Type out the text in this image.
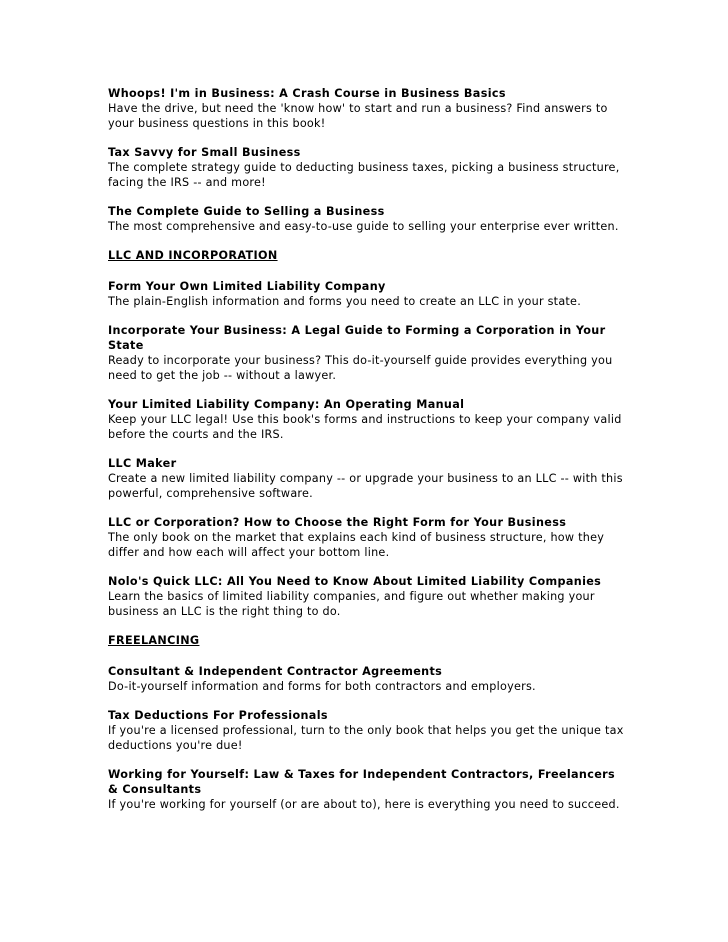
Whoops! I'm in Business: A Crash Course in Business Basics
Have the drive, but need the 'know how' to start and run a business? Find answers to your business questions in this book!
Tax Savvy for Small Business
The complete strategy guide to deducting business taxes, picking a business structure, facing the IRS -- and more!
The Complete Guide to Selling a Business
The most comprehensive and easy-to-use guide to selling your enterprise ever written.
LLC AND INCORPORATION
Form Your Own Limited Liability Company
The plain-English information and forms you need to create an LLC in your state.
Incorporate Your Business: A Legal Guide to Forming a Corporation in Your State
Ready to incorporate your business? This do-it-yourself guide provides everything you need to get the job -- without a lawyer.
Your Limited Liability Company: An Operating Manual
Keep your LLC legal! Use this book's forms and instructions to keep your company valid before the courts and the IRS.
LLC Maker
Create a new limited liability company -- or upgrade your business to an LLC -- with this powerful, comprehensive software.
LLC or Corporation? How to Choose the Right Form for Your Business
The only book on the market that explains each kind of business structure, how they differ and how each will affect your bottom line.
Nolo's Quick LLC: All You Need to Know About Limited Liability Companies
Learn the basics of limited liability companies, and figure out whether making your business an LLC is the right thing to do.
FREELANCING
Consultant & Independent Contractor Agreements
Do-it-yourself information and forms for both contractors and employers.
Tax Deductions For Professionals
If you're a licensed professional, turn to the only book that helps you get the unique tax deductions you're due!
Working for Yourself: Law & Taxes for Independent Contractors, Freelancers & Consultants
If you're working for yourself (or are about to), here is everything you need to succeed.
